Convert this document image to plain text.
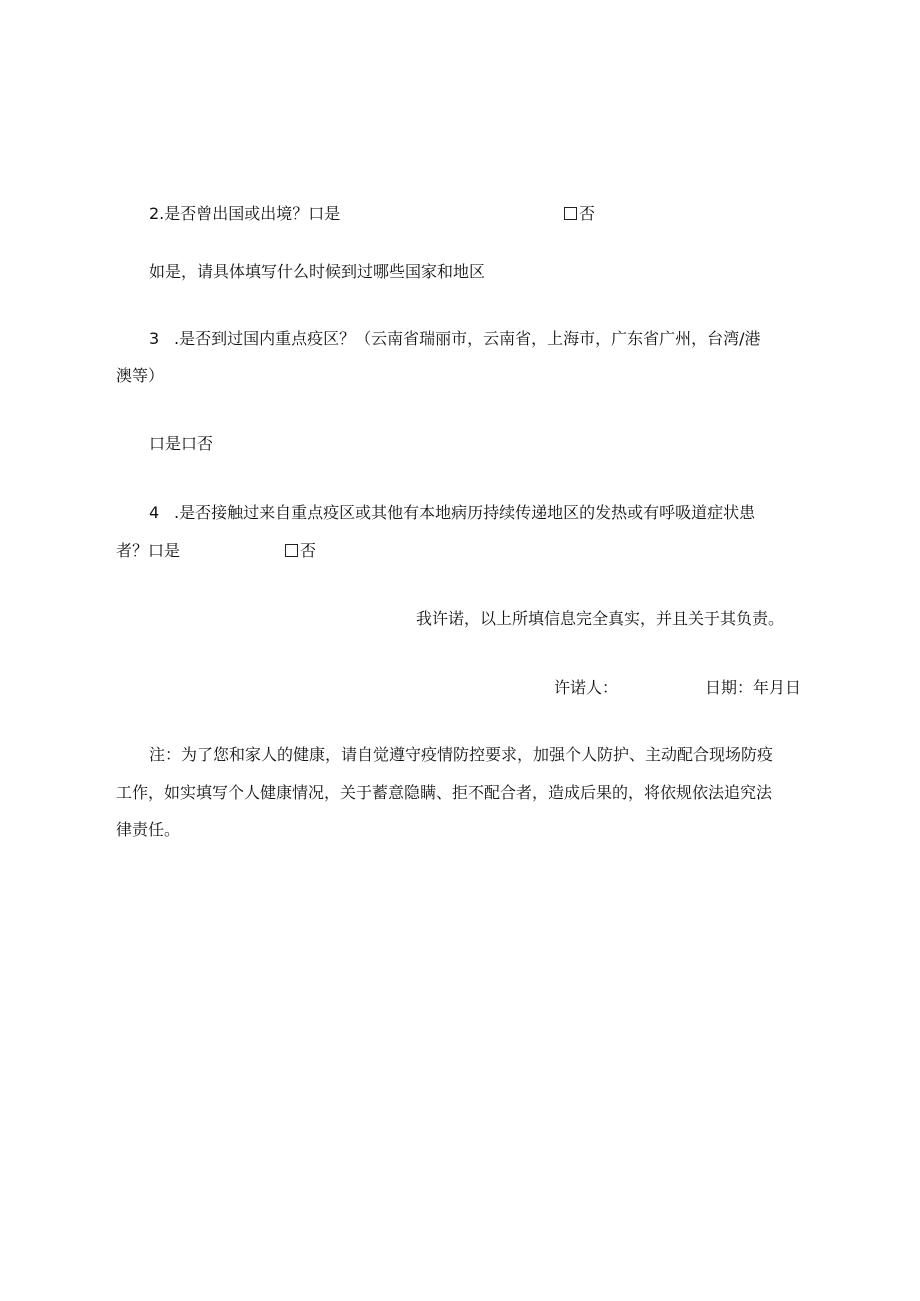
2.是否曾出国或出境？口是	否
如是，请具体填写什么时候到过哪些国家和地区
3 .是否到过国内重点疫区？（云南省瑞丽市，云南省，上海市，广东省广州，台湾/港
澳等）
口是口否
4 .是否接触过来自重点疫区或其他有本地病历持续传递地区的发热或有呼吸道症状患
者？口是	否
我许诺，以上所填信息完全真实，并且关于其负责。
许诺人：	日期：年月日
注：为了您和家人的健康，请自觉遵守疫情防控要求，加强个人防护、主动配合现场防疫
工作，如实填写个人健康情况，关于蓄意隐瞒、拒不配合者，造成后果的，将依规依法追究法
律责任。
